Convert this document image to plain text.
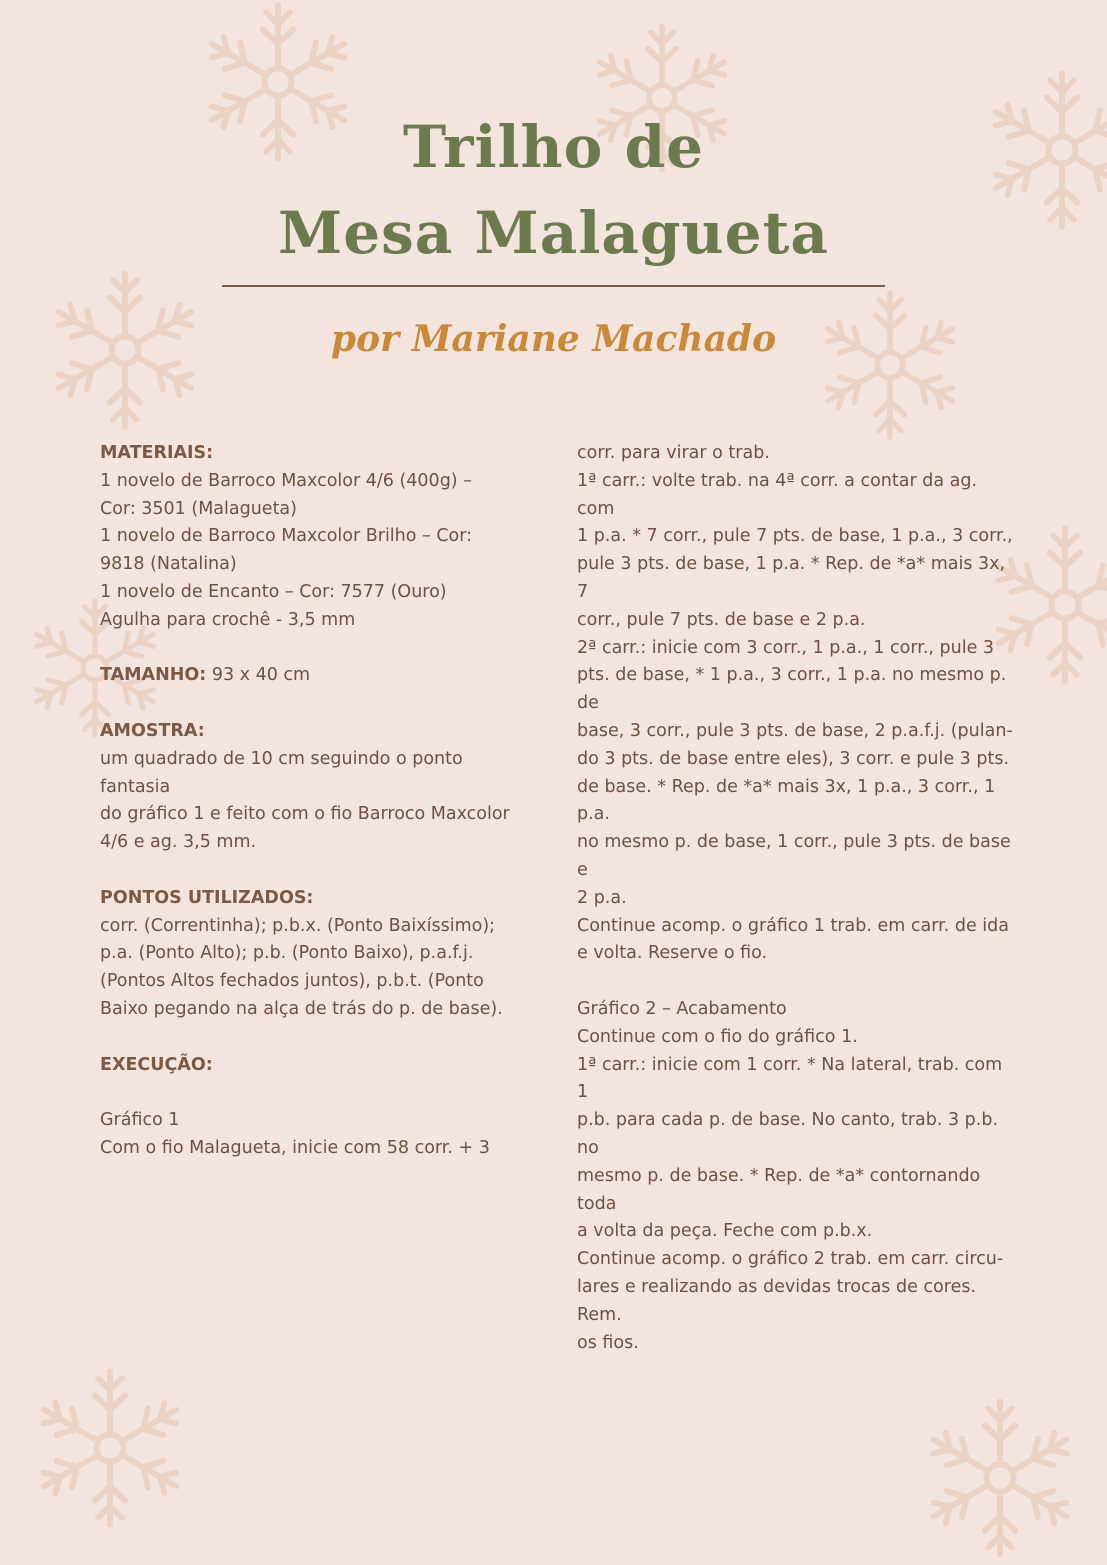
Trilho de
Mesa Malagueta
por Mariane Machado
MATERIAIS:
1 novelo de Barroco Maxcolor 4/6 (400g) –
Cor: 3501 (Malagueta)
1 novelo de Barroco Maxcolor Brilho – Cor:
9818 (Natalina)
1 novelo de Encanto – Cor: 7577 (Ouro)
Agulha para crochê - 3,5 mm
TAMANHO: 93 x 40 cm
AMOSTRA:
um quadrado de 10 cm seguindo o ponto fantasia
do gráfico 1 e feito com o fio Barroco Maxcolor
4/6 e ag. 3,5 mm.
PONTOS UTILIZADOS:
corr. (Correntinha); p.b.x. (Ponto Baixíssimo);
p.a. (Ponto Alto); p.b. (Ponto Baixo), p.a.f.j.
(Pontos Altos fechados juntos), p.b.t. (Ponto
Baixo pegando na alça de trás do p. de base).
EXECUÇÃO:
Gráfico 1
Com o fio Malagueta, inicie com 58 corr. + 3
corr. para virar o trab.
1ª carr.: volte trab. na 4ª corr. a contar da ag. com
1 p.a. * 7 corr., pule 7 pts. de base, 1 p.a., 3 corr.,
pule 3 pts. de base, 1 p.a. * Rep. de *a* mais 3x, 7
corr., pule 7 pts. de base e 2 p.a.
2ª carr.: inicie com 3 corr., 1 p.a., 1 corr., pule 3
pts. de base, * 1 p.a., 3 corr., 1 p.a. no mesmo p. de
base, 3 corr., pule 3 pts. de base, 2 p.a.f.j. (pulan-
do 3 pts. de base entre eles), 3 corr. e pule 3 pts.
de base. * Rep. de *a* mais 3x, 1 p.a., 3 corr., 1 p.a.
no mesmo p. de base, 1 corr., pule 3 pts. de base e
2 p.a.
Continue acomp. o gráfico 1 trab. em carr. de ida
e volta. Reserve o fio.
Gráfico 2 – Acabamento
Continue com o fio do gráfico 1.
1ª carr.: inicie com 1 corr. * Na lateral, trab. com 1
p.b. para cada p. de base. No canto, trab. 3 p.b. no
mesmo p. de base. * Rep. de *a* contornando toda
a volta da peça. Feche com p.b.x.
Continue acomp. o gráfico 2 trab. em carr. circu-
lares e realizando as devidas trocas de cores. Rem.
os fios.
